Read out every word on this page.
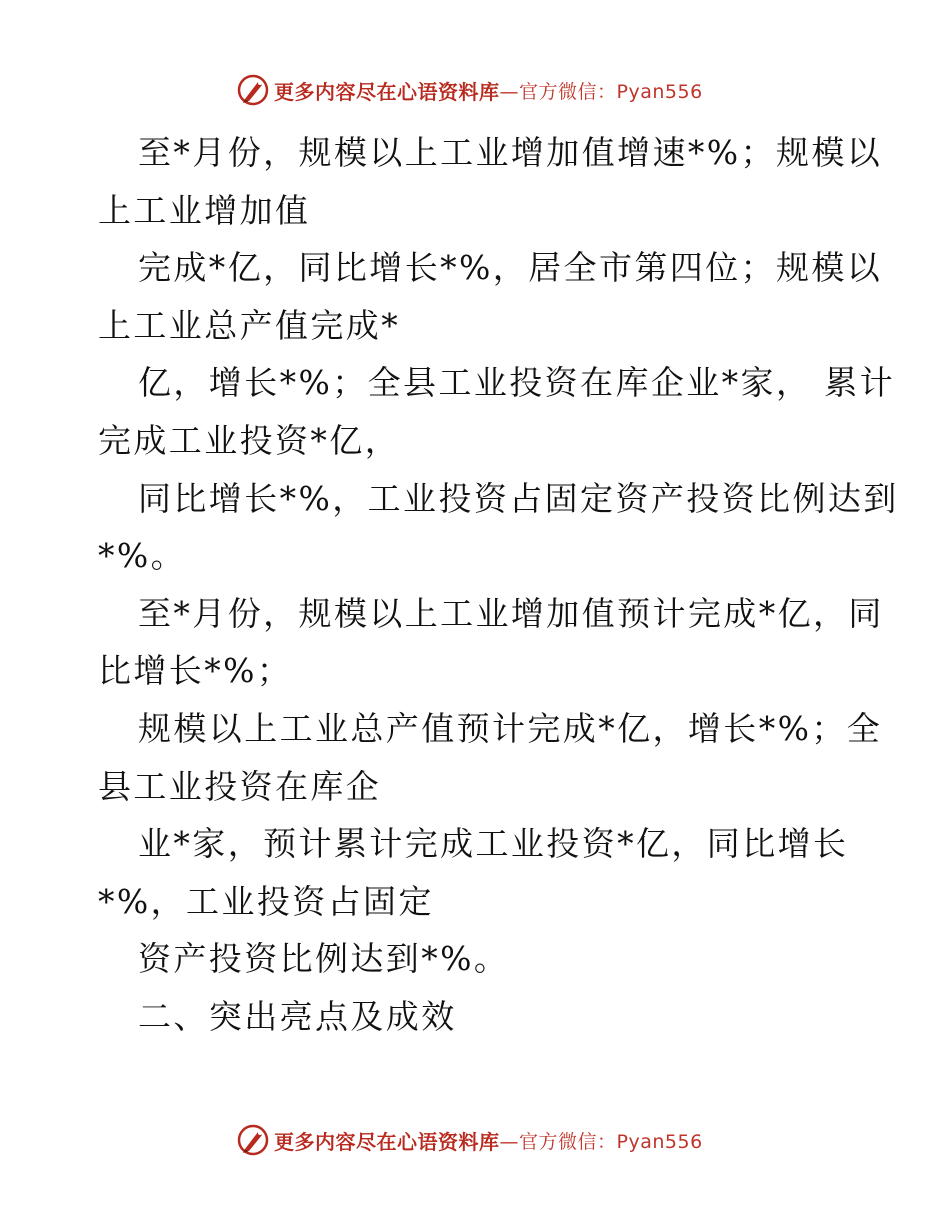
更多内容尽在心语资料库 —官方微信：Pyan556
至*月份，规模以上工业增加值增速*%；规模以
上工业增加值
完成*亿，同比增长*%，居全市第四位；规模以
上工业总产值完成*
亿，增长*%；全县工业投资在库企业*家， 累计
完成工业投资*亿，
同比增长*%，工业投资占固定资产投资比例达到
*%。
至*月份，规模以上工业增加值预计完成*亿，同
比增长*%；
规模以上工业总产值预计完成*亿，增长*%；全
县工业投资在库企
业*家，预计累计完成工业投资*亿，同比增长
*%，工业投资占固定
资产投资比例达到*%。
二、突出亮点及成效
更多内容尽在心语资料库 —官方微信：Pyan556
